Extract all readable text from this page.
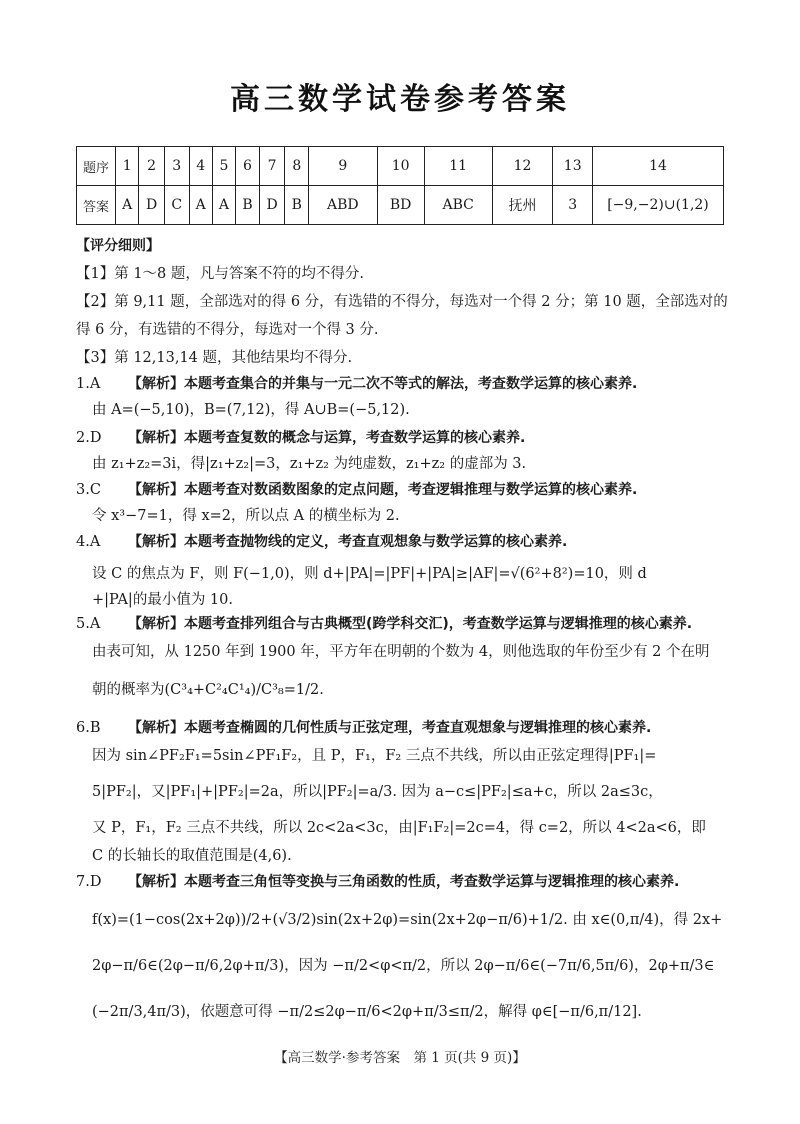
高三数学试卷参考答案
题序	1	2	3	4	5	6	7	8	9	10	11	12	13	14
答案	A	D	C	A	A	B	D	B	ABD	BD	ABC	抚州	3	[−9,−2)∪(1,2)
【评分细则】
【1】第 1～8 题，凡与答案不符的均不得分.
【2】第 9,11 题，全部选对的得 6 分，有选错的不得分，每选对一个得 2 分；第 10 题，全部选对的
得 6 分，有选错的不得分，每选对一个得 3 分.
【3】第 12,13,14 题，其他结果均不得分.
1.A 【解析】本题考查集合的并集与一元二次不等式的解法，考查数学运算的核心素养.
由 A=(−5,10)，B=(7,12)，得 A∪B=(−5,12).
2.D 【解析】本题考查复数的概念与运算，考查数学运算的核心素养.
由 z₁+z₂=3i，得|z₁+z₂|=3，z₁+z₂ 为纯虚数，z₁+z₂ 的虚部为 3.
3.C 【解析】本题考查对数函数图象的定点问题，考查逻辑推理与数学运算的核心素养.
令 x³−7=1，得 x=2，所以点 A 的横坐标为 2.
4.A 【解析】本题考查抛物线的定义，考查直观想象与数学运算的核心素养.
设 C 的焦点为 F，则 F(−1,0)，则 d+|PA|=|PF|+|PA|≥|AF|=√(6²+8²)=10，则 d
+|PA|的最小值为 10.
5.A 【解析】本题考查排列组合与古典概型(跨学科交汇)，考查数学运算与逻辑推理的核心素养.
由表可知，从 1250 年到 1900 年，平方年在明朝的个数为 4，则他选取的年份至少有 2 个在明
朝的概率为(C³₄+C²₄C¹₄)/C³₈=1/2.
6.B 【解析】本题考查椭圆的几何性质与正弦定理，考查直观想象与逻辑推理的核心素养.
因为 sin∠PF₂F₁=5sin∠PF₁F₂，且 P，F₁，F₂ 三点不共线，所以由正弦定理得|PF₁|=
5|PF₂|，又|PF₁|+|PF₂|=2a，所以|PF₂|=a/3. 因为 a−c≤|PF₂|≤a+c，所以 2a≤3c，
又 P，F₁，F₂ 三点不共线，所以 2c<2a<3c，由|F₁F₂|=2c=4，得 c=2，所以 4<2a<6，即
C 的长轴长的取值范围是(4,6).
7.D 【解析】本题考查三角恒等变换与三角函数的性质，考查数学运算与逻辑推理的核心素养.
f(x)=(1−cos(2x+2φ))/2+(√3/2)sin(2x+2φ)=sin(2x+2φ−π/6)+1/2. 由 x∈(0,π/4)，得 2x+
2φ−π/6∈(2φ−π/6,2φ+π/3)，因为 −π/2<φ<π/2，所以 2φ−π/6∈(−7π/6,5π/6)，2φ+π/3∈
(−2π/3,4π/3)，依题意可得 −π/2≤2φ−π/6<2φ+π/3≤π/2，解得 φ∈[−π/6,π/12].
【高三数学·参考答案　第 1 页(共 9 页)】
